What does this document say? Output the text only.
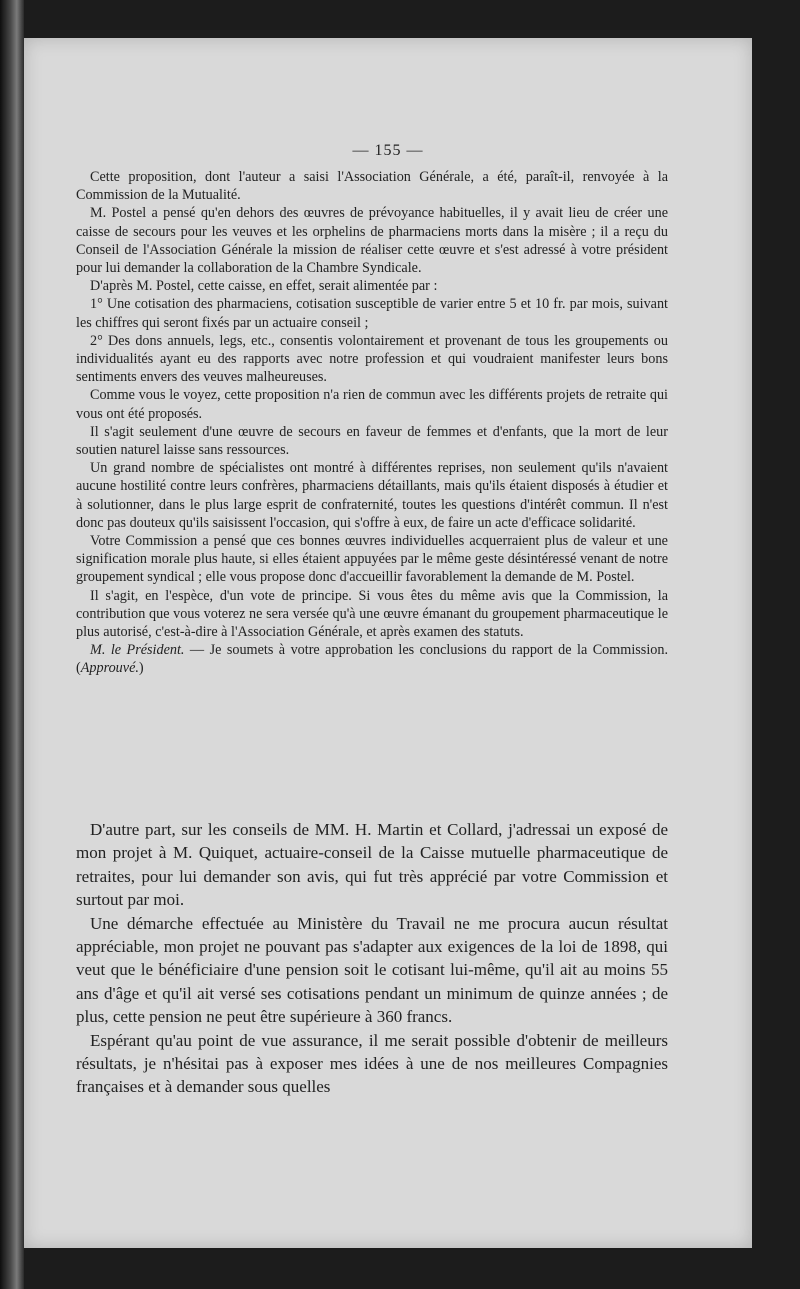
— 155 —

Cette proposition, dont l'auteur a saisi l'Association Générale, a été, paraît-il, renvoyée à la Commission de la Mutualité.

M. Postel a pensé qu'en dehors des œuvres de prévoyance habituelles, il y avait lieu de créer une caisse de secours pour les veuves et les orphelins de pharmaciens morts dans la misère ; il a reçu du Conseil de l'Association Générale la mission de réaliser cette œuvre et s'est adressé à votre président pour lui demander la collaboration de la Chambre Syndicale.

D'après M. Postel, cette caisse, en effet, serait alimentée par :

1° Une cotisation des pharmaciens, cotisation susceptible de varier entre 5 et 10 fr. par mois, suivant les chiffres qui seront fixés par un actuaire conseil ;

2° Des dons annuels, legs, etc., consentis volontairement et provenant de tous les groupements ou individualités ayant eu des rapports avec notre profession et qui voudraient manifester leurs bons sentiments envers des veuves malheureuses.

Comme vous le voyez, cette proposition n'a rien de commun avec les différents projets de retraite qui vous ont été proposés.

Il s'agit seulement d'une œuvre de secours en faveur de femmes et d'enfants, que la mort de leur soutien naturel laisse sans ressources.

Un grand nombre de spécialistes ont montré à différentes reprises, non seulement qu'ils n'avaient aucune hostilité contre leurs confrères, pharmaciens détaillants, mais qu'ils étaient disposés à étudier et à solutionner, dans le plus large esprit de confraternité, toutes les questions d'intérêt commun. Il n'est donc pas douteux qu'ils saisissent l'occasion, qui s'offre à eux, de faire un acte d'efficace solidarité.

Votre Commission a pensé que ces bonnes œuvres individuelles acquerraient plus de valeur et une signification morale plus haute, si elles étaient appuyées par le même geste désintéressé venant de notre groupement syndical ; elle vous propose donc d'accueillir favorablement la demande de M. Postel.

Il s'agit, en l'espèce, d'un vote de principe. Si vous êtes du même avis que la Commission, la contribution que vous voterez ne sera versée qu'à une œuvre émanant du groupement pharmaceutique le plus autorisé, c'est-à-dire à l'Association Générale, et après examen des statuts.

M. le Président. — Je soumets à votre approbation les conclusions du rapport de la Commission. (Approuvé.)

D'autre part, sur les conseils de MM. H. Martin et Collard, j'adressai un exposé de mon projet à M. Quiquet, actuaire-conseil de la Caisse mutuelle pharmaceutique de retraites, pour lui demander son avis, qui fut très apprécié par votre Commission et surtout par moi.

Une démarche effectuée au Ministère du Travail ne me procura aucun résultat appréciable, mon projet ne pouvant pas s'adapter aux exigences de la loi de 1898, qui veut que le bénéficiaire d'une pension soit le cotisant lui-même, qu'il ait au moins 55 ans d'âge et qu'il ait versé ses cotisations pendant un minimum de quinze années ; de plus, cette pension ne peut être supérieure à 360 francs.

Espérant qu'au point de vue assurance, il me serait possible d'obtenir de meilleurs résultats, je n'hésitai pas à exposer mes idées à une de nos meilleures Compagnies françaises et à demander sous quelles
